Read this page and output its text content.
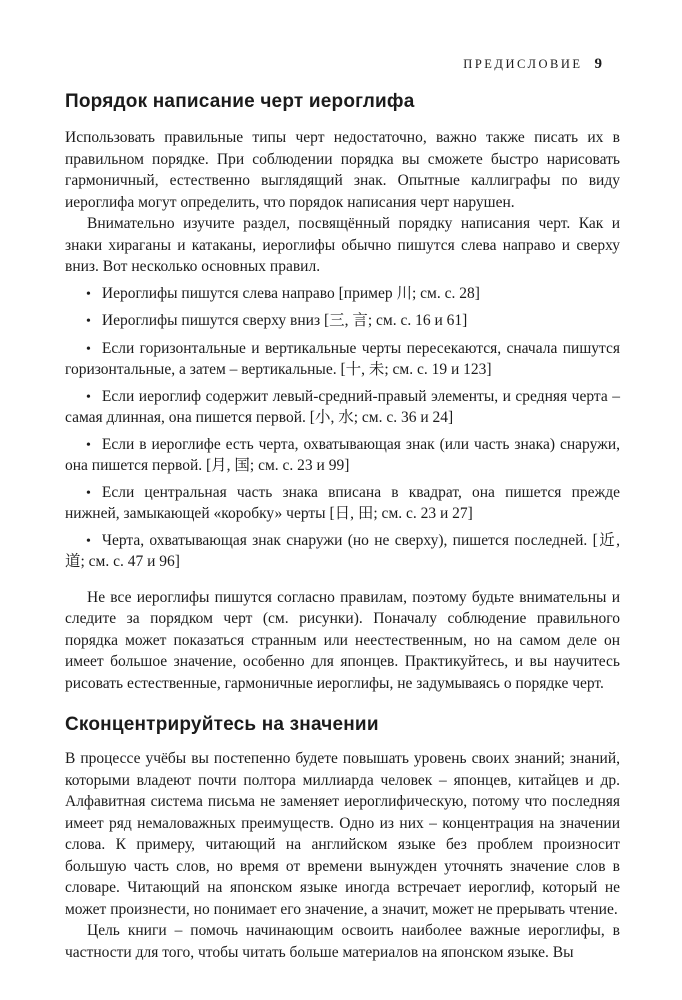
ПРЕДИСЛОВИЕ 9
Порядок написание черт иероглифа

Использовать правильные типы черт недостаточно, важно также писать их в правильном порядке. При соблюдении порядка вы сможете быстро нарисовать гармоничный, естественно выглядящий знак. Опытные каллиграфы по виду иероглифа могут определить, что порядок написания черт нарушен.

Внимательно изучите раздел, посвящённый порядку написания черт. Как и знаки хираганы и катаканы, иероглифы обычно пишутся слева направо и сверху вниз. Вот несколько основных правил.

• Иероглифы пишутся слева направо [пример 川; см. с. 28]
• Иероглифы пишутся сверху вниз [三, 言; см. с. 16 и 61]
• Если горизонтальные и вертикальные черты пересекаются, сначала пишутся горизонтальные, а затем – вертикальные. [十, 未; см. с. 19 и 123]
• Если иероглиф содержит левый-средний-правый элементы, и средняя черта – самая длинная, она пишется первой. [小, 水; см. с. 36 и 24]
• Если в иероглифе есть черта, охватывающая знак (или часть знака) снаружи, она пишется первой. [月, 国; см. с. 23 и 99]
• Если центральная часть знака вписана в квадрат, она пишется прежде нижней, замыкающей «коробку» черты [日, 田; см. с. 23 и 27]
• Черта, охватывающая знак снаружи (но не сверху), пишется последней. [近, 道; см. с. 47 и 96]

Не все иероглифы пишутся согласно правилам, поэтому будьте внимательны и следите за порядком черт (см. рисунки). Поначалу соблюдение правильного порядка может показаться странным или неестественным, но на самом деле он имеет большое значение, особенно для японцев. Практикуйтесь, и вы научитесь рисовать естественные, гармоничные иероглифы, не задумываясь о порядке черт.

Сконцентрируйтесь на значении

В процессе учёбы вы постепенно будете повышать уровень своих знаний; знаний, которыми владеют почти полтора миллиарда человек – японцев, китайцев и др. Алфавитная система письма не заменяет иероглифическую, потому что последняя имеет ряд немаловажных преимуществ. Одно из них – концентрация на значении слова. К примеру, читающий на английском языке без проблем произносит большую часть слов, но время от времени вынужден уточнять значение слов в словаре. Читающий на японском языке иногда встречает иероглиф, который не может произнести, но понимает его значение, а значит, может не прерывать чтение.

Цель книги – помочь начинающим освоить наиболее важные иероглифы, в частности для того, чтобы читать больше материалов на японском языке. Вы
